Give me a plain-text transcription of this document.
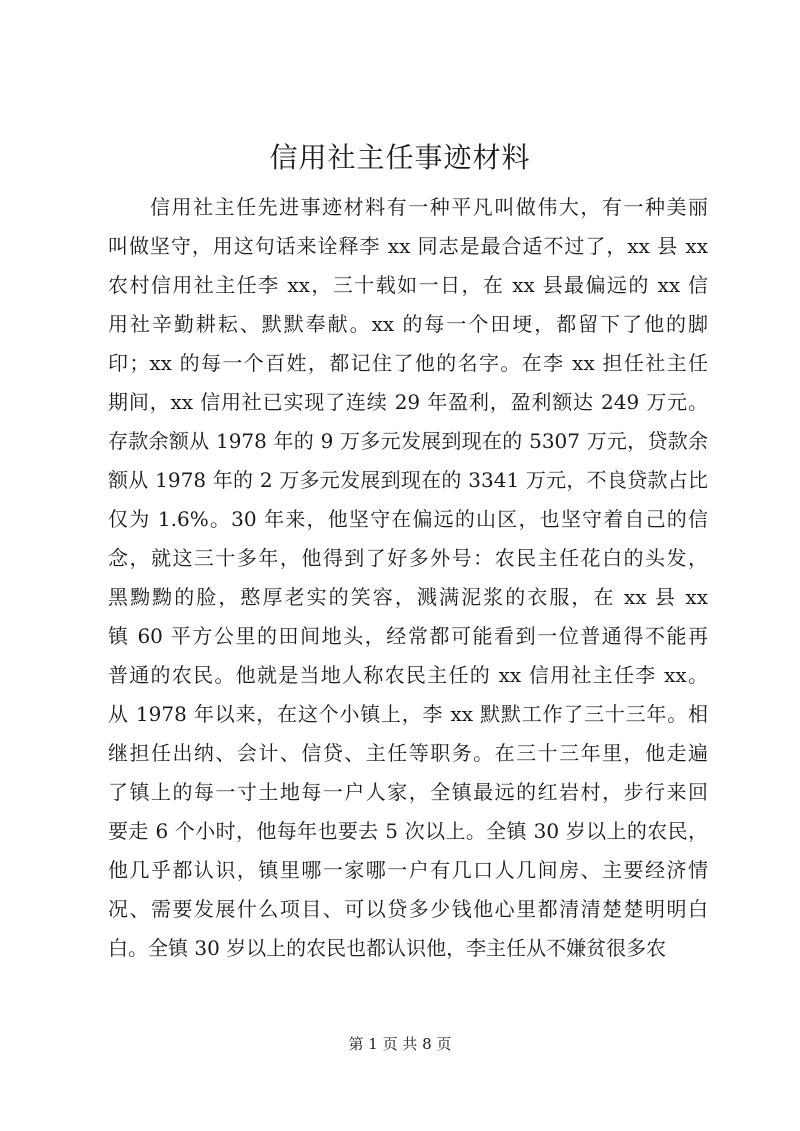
信用社主任事迹材料
信用社主任先进事迹材料有一种平凡叫做伟大，有一种美丽
叫做坚守，用这句话来诠释李 xx 同志是最合适不过了，xx 县 xx
农村信用社主任李 xx，三十载如一日，在 xx 县最偏远的 xx 信
用社辛勤耕耘、默默奉献。xx 的每一个田埂，都留下了他的脚
印；xx 的每一个百姓，都记住了他的名字。在李 xx 担任社主任
期间，xx 信用社已实现了连续 29 年盈利，盈利额达 249 万元。
存款余额从 1978 年的 9 万多元发展到现在的 5307 万元，贷款余
额从 1978 年的 2 万多元发展到现在的 3341 万元，不良贷款占比
仅为 1.6%。30 年来，他坚守在偏远的山区，也坚守着自己的信
念，就这三十多年，他得到了好多外号：农民主任花白的头发，
黑黝黝的脸，憨厚老实的笑容，溅满泥浆的衣服，在 xx 县 xx
镇 60 平方公里的田间地头，经常都可能看到一位普通得不能再
普通的农民。他就是当地人称农民主任的 xx 信用社主任李 xx。
从 1978 年以来，在这个小镇上，李 xx 默默工作了三十三年。相
继担任出纳、会计、信贷、主任等职务。在三十三年里，他走遍
了镇上的每一寸土地每一户人家，全镇最远的红岩村，步行来回
要走 6 个小时，他每年也要去 5 次以上。全镇 30 岁以上的农民，
他几乎都认识，镇里哪一家哪一户有几口人几间房、主要经济情
况、需要发展什么项目、可以贷多少钱他心里都清清楚楚明明白
白。全镇 30 岁以上的农民也都认识他，李主任从不嫌贫很多农
第 1 页 共 8 页
